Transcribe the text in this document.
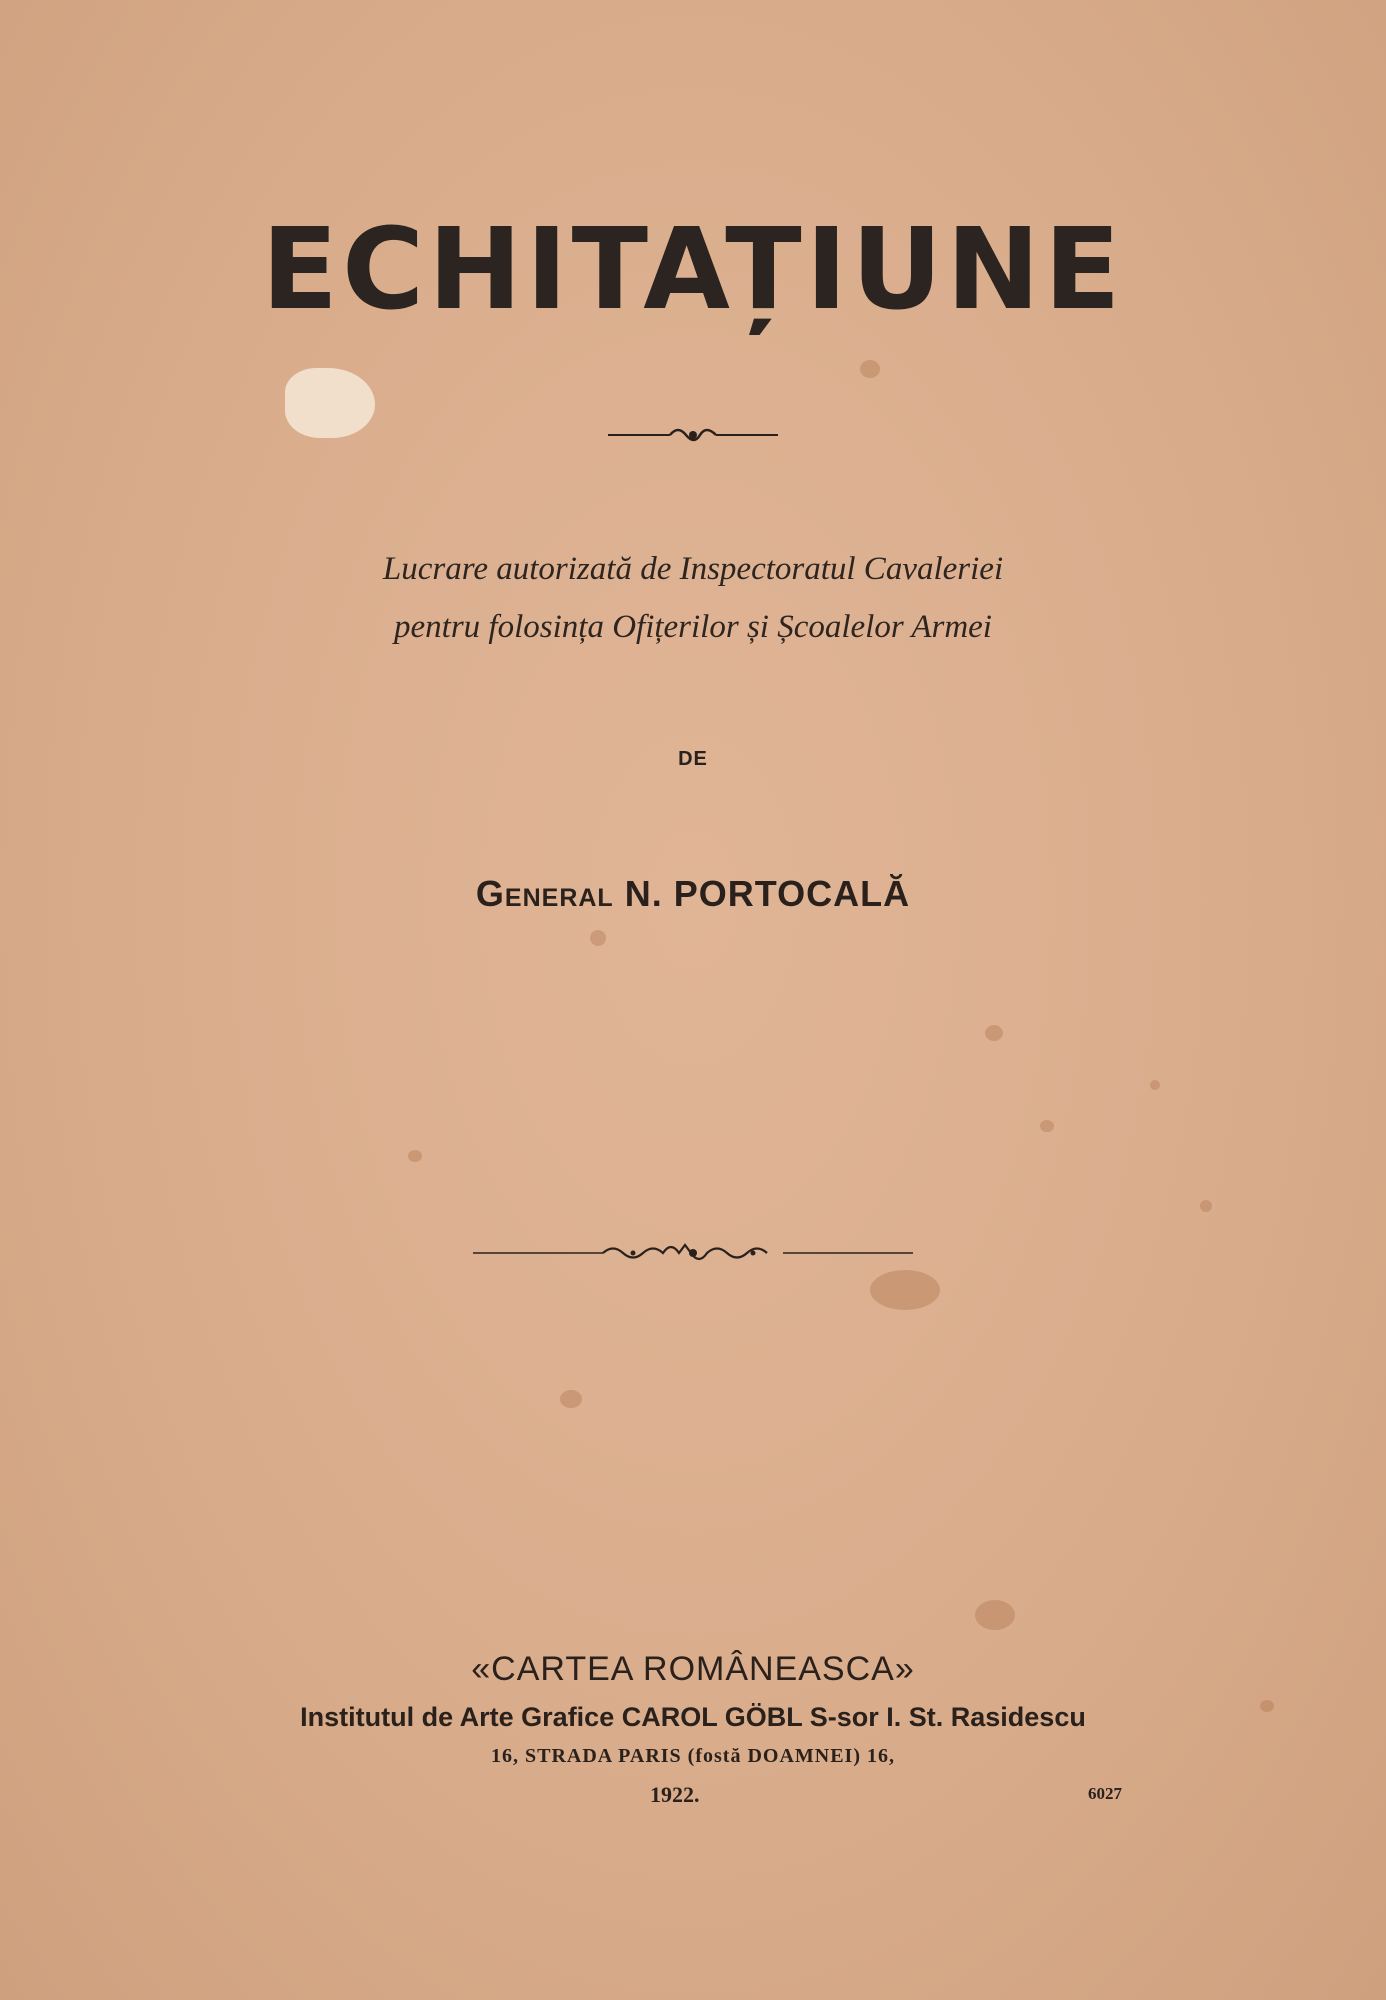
ECHITAȚIUNE
Lucrare autorizată de Inspectoratul Cavaleriei
pentru folosința Ofițerilor și Școalelor Armei
DE
General N. PORTOCALĂ
«CARTEA ROMÂNEASCA»
Institutul de Arte Grafice CAROL GÖBL S-sor I. St. Rasidescu
16, STRADA PARIS (fostă DOAMNEI) 16,
1922.	6027
